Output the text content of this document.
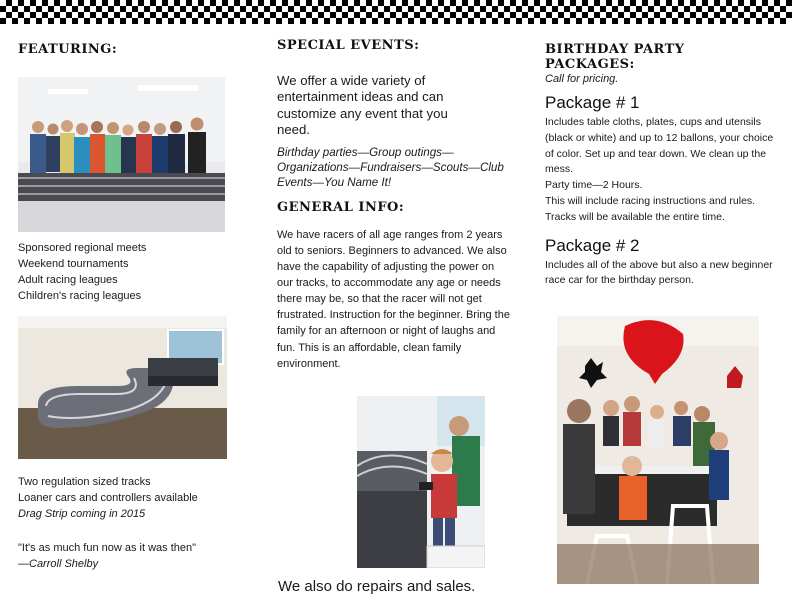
FEATURING:
Sponsored regional meets
Weekend tournaments
Adult racing leagues
Children's racing leagues
Two regulation sized tracks
Loaner cars and controllers available
Drag Strip coming in 2015
"It's as much fun now as it was then"
—Carroll Shelby
SPECIAL EVENTS:

We offer a wide variety of entertainment ideas and can customize any event that you need.

Birthday parties—Group outings—Organizations—Fundraisers—Scouts—Club Events—You Name It!

GENERAL INFO:

We have racers of all age ranges from 2 years old to seniors. Beginners to advanced. We also have the capability of adjusting the power on our tracks, to accommodate any age or needs there may be, so that the racer will not get frustrated. Instruction for the beginner. Bring the family for an afternoon or night of laughs and fun. This is an affordable, clean family environment.

We also do repairs and sales.
BIRTHDAY PARTY PACKAGES:

Call for pricing.

Package # 1

Includes table cloths, plates, cups and utensils (black or white) and up to 12 ballons, your choice of color. Set up and tear down. We clean up the mess.

Party time—2 Hours.

This will include racing instructions and rules. Tracks will be available the entire time.

Package # 2

Includes all of the above but also a new beginner race car for the birthday person.
